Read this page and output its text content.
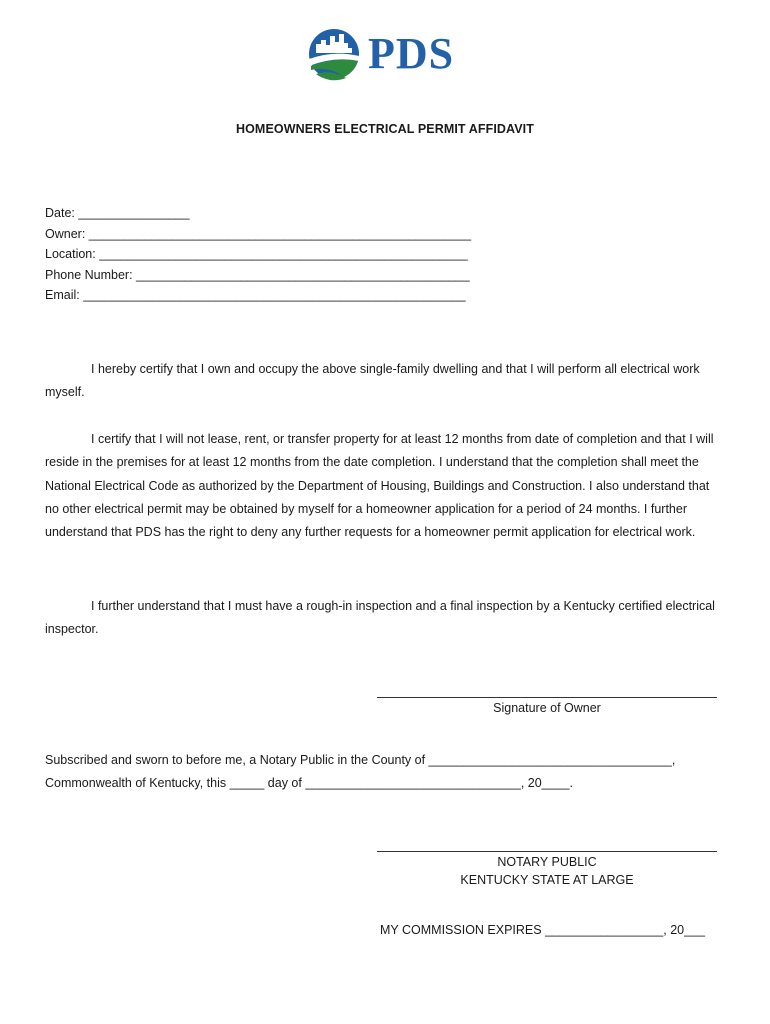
PDS
HOMEOWNERS ELECTRICAL PERMIT AFFIDAVIT
Date: ________________
Owner: _______________________________________________________
Location: _____________________________________________________
Phone Number: ________________________________________________
Email: _______________________________________________________
I hereby certify that I own and occupy the above single-family dwelling and that I will perform all electrical work myself.
I certify that I will not lease, rent, or transfer property for at least 12 months from date of completion and that I will reside in the premises for at least 12 months from the date completion. I understand that the completion shall meet the National Electrical Code as authorized by the Department of Housing, Buildings and Construction. I also understand that no other electrical permit may be obtained by myself for a homeowner application for a period of 24 months. I further understand that PDS has the right to deny any further requests for a homeowner permit application for electrical work.
I further understand that I must have a rough-in inspection and a final inspection by a Kentucky certified electrical inspector.
Signature of Owner
Subscribed and sworn to before me, a Notary Public in the County of ___________________________________,
Commonwealth of Kentucky, this _____ day of _______________________________, 20____.
NOTARY PUBLIC
KENTUCKY STATE AT LARGE
MY COMMISSION EXPIRES _________________, 20___
